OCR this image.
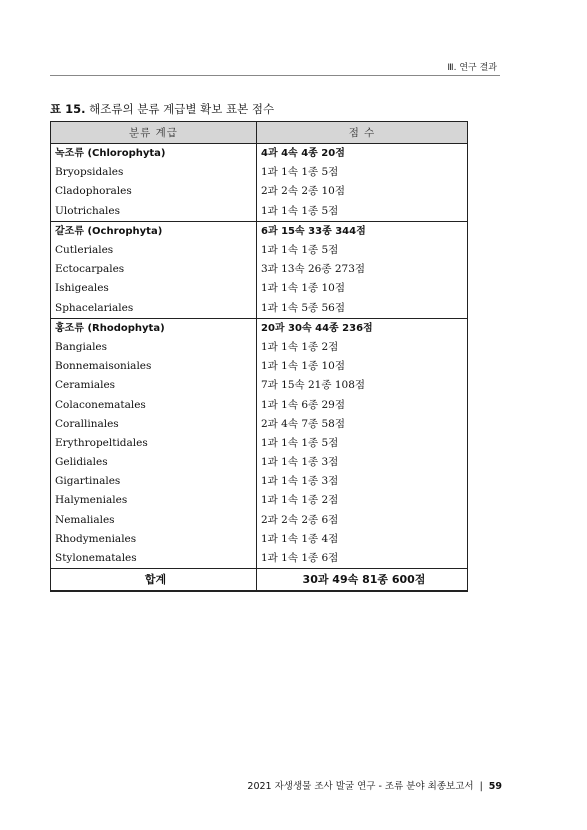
Ⅲ. 연구 결과
표 15. 해조류의 분류 계급별 확보 표본 점수
분류 계급	점 수
녹조류 (Chlorophyta)	4과 4속 4종 20점
Bryopsidales	1과 1속 1종 5점
Cladophorales	2과 2속 2종 10점
Ulotrichales	1과 1속 1종 5점
갈조류 (Ochrophyta)	6과 15속 33종 344점
Cutleriales	1과 1속 1종 5점
Ectocarpales	3과 13속 26종 273점
Ishigeales	1과 1속 1종 10점
Sphacelariales	1과 1속 5종 56점
홍조류 (Rhodophyta)	20과 30속 44종 236점
Bangiales	1과 1속 1종 2점
Bonnemaisoniales	1과 1속 1종 10점
Ceramiales	7과 15속 21종 108점
Colaconematales	1과 1속 6종 29점
Corallinales	2과 4속 7종 58점
Erythropeltidales	1과 1속 1종 5점
Gelidiales	1과 1속 1종 3점
Gigartinales	1과 1속 1종 3점
Halymeniales	1과 1속 1종 2점
Nemaliales	2과 2속 2종 6점
Rhodymeniales	1과 1속 1종 4점
Stylonematales	1과 1속 1종 6점
합계	30과 49속 81종 600점
2021 자생생물 조사 발굴 연구 - 조류 분야 최종보고서 | 59
